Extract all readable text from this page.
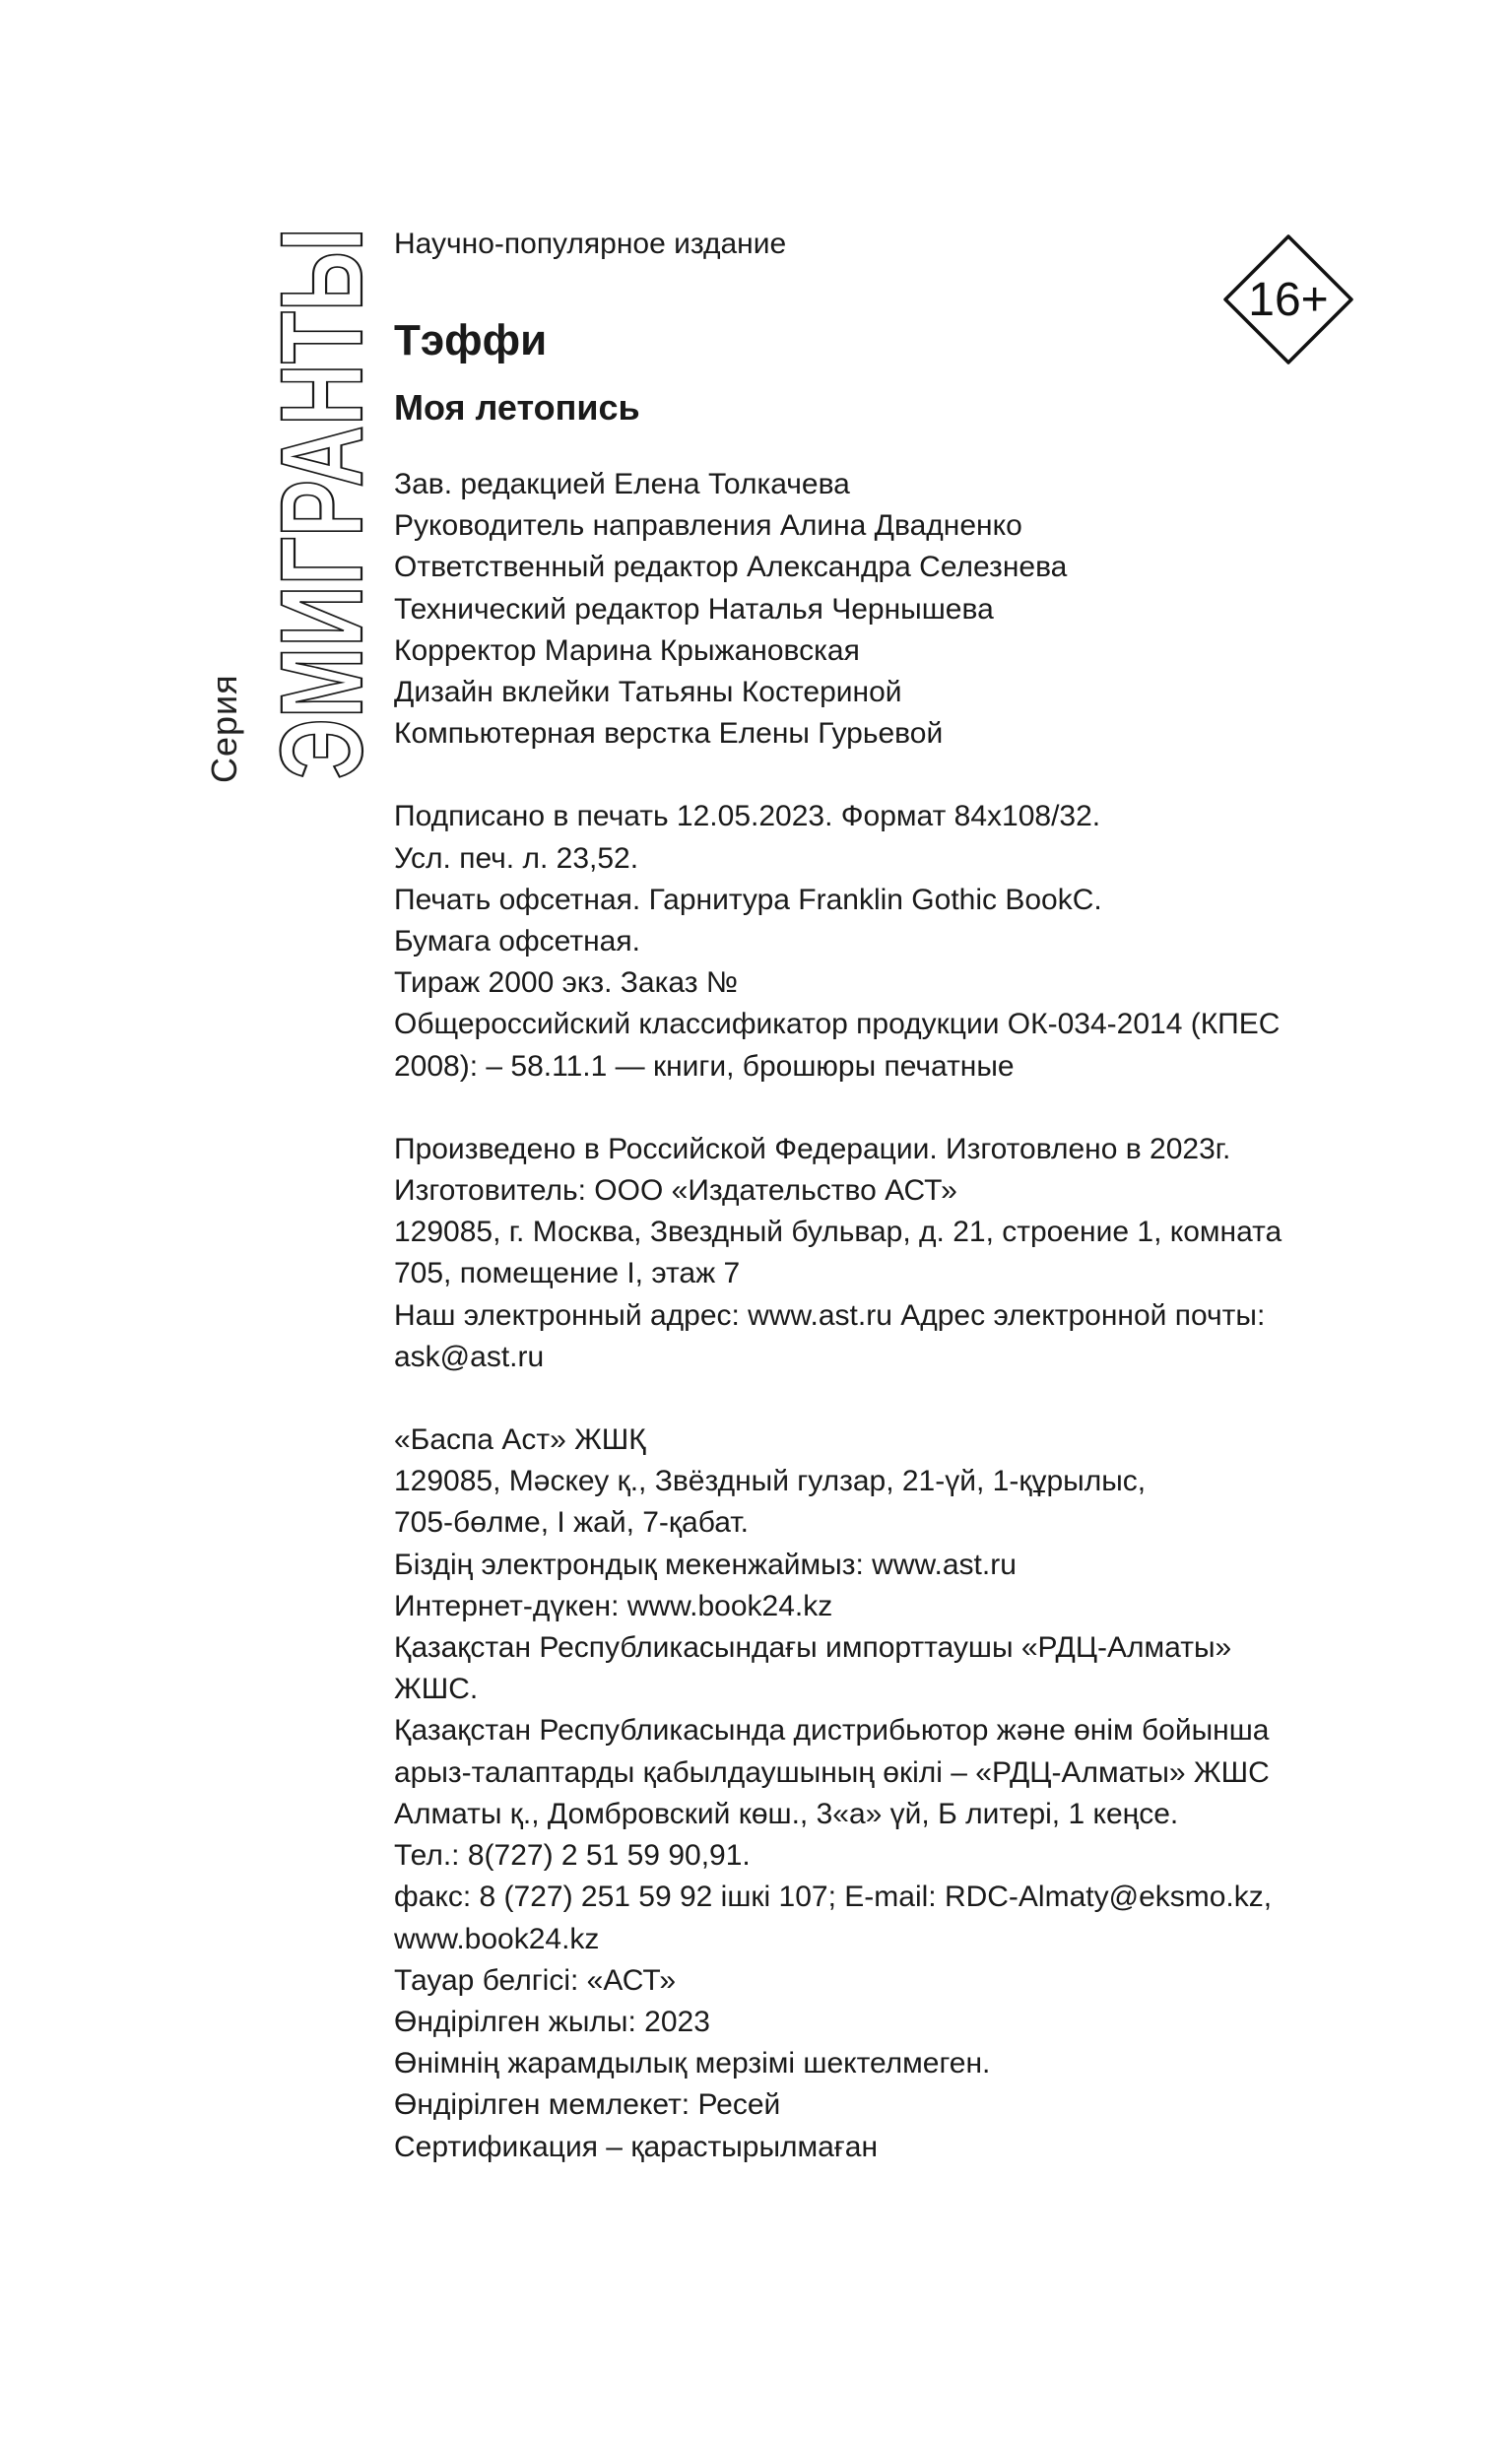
Серия ЭМИГРАНТЫ	16+

Научно-популярное издание

Тэффи

Моя летопись

Зав. редакцией Елена Толкачева
Руководитель направления Алина Двадненко
Ответственный редактор Александра Селезнева
Технический редактор Наталья Чернышева
Корректор Марина Крыжановская
Дизайн вклейки Татьяны Костериной
Компьютерная верстка Елены Гурьевой
Подписано в печать 12.05.2023. Формат 84х108/32.
Усл. печ. л. 23,52.
Печать офсетная. Гарнитура Franklin Gothic BookC.
Бумага офсетная.
Тираж 2000 экз. Заказ №
Общероссийский классификатор продукции ОК-034-2014 (КПЕС
2008): – 58.11.1 — книги, брошюры печатные
Произведено в Российской Федерации. Изготовлено в 2023г.
Изготовитель: ООО «Издательство АСТ»
129085, г. Москва, Звездный бульвар, д. 21, строение 1, комната
705, помещение I, этаж 7
Наш электронный адрес: www.ast.ru Адрес электронной почты:
ask@ast.ru
«Баспа Аст» ЖШҚ
129085, Мәскеу қ., Звёздный гулзар, 21-үй, 1-құрылыс,
705-бөлме, I жай, 7-қабат.
Біздің электрондық мекенжаймыз: www.ast.ru
Интернет-дүкен: www.book24.kz
Қазақстан Республикасындағы импорттаушы «РДЦ-Алматы»
ЖШС.
Қазақстан Республикасында дистрибьютор және өнім бойынша
арыз-талаптарды қабылдаушының өкілі – «РДЦ-Алматы» ЖШС
Алматы қ., Домбровский көш., 3«а» үй, Б литері, 1 кеңсе.
Тел.: 8(727) 2 51 59 90,91.
факс: 8 (727) 251 59 92 ішкі 107; E-mail: RDC-Almaty@eksmo.kz,
www.book24.kz
Тауар белгісі: «АСТ»
Өндірілген жылы: 2023
Өнімнің жарамдылық мерзімі шектелмеген.
Өндірілген мемлекет: Ресей
Сертификация – қарастырылмаған
